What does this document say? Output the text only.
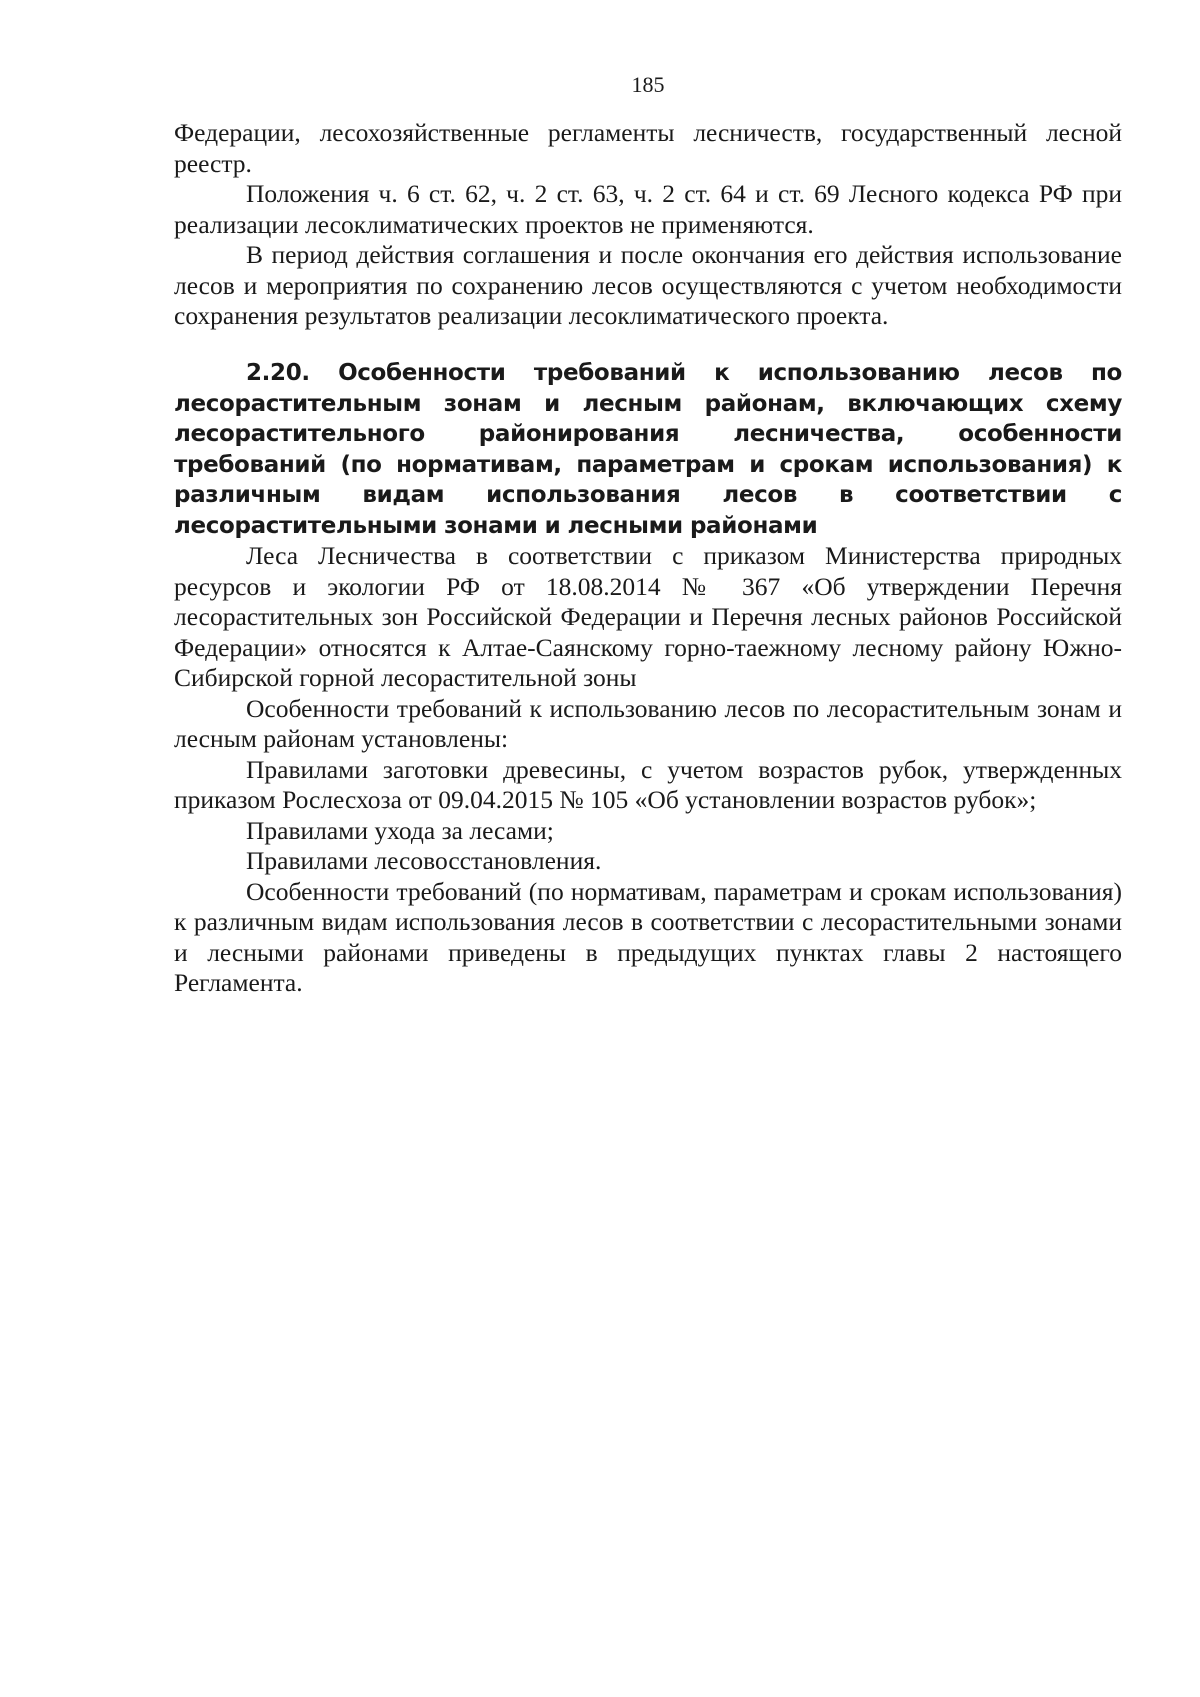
185

Федерации, лесохозяйственные регламенты лесничеств, государственный лесной реестр.

Положения ч. 6 ст. 62, ч. 2 ст. 63, ч. 2 ст. 64 и ст. 69 Лесного кодекса РФ при реализации лесоклиматических проектов не применяются.

В период действия соглашения и после окончания его действия использование лесов и мероприятия по сохранению лесов осуществляются с учетом необходимости сохранения результатов реализации лесоклиматического проекта.

2.20. Особенности требований к использованию лесов по лесорастительным зонам и лесным районам, включающих схему лесорастительного районирования лесничества, особенности требований (по нормативам, параметрам и срокам использования) к различным видам использования лесов в соответствии с лесорастительными зонами и лесными районами

Леса Лесничества в соответствии с приказом Министерства природных ресурсов и экологии РФ от 18.08.2014 № 367 «Об утверждении Перечня лесорастительных зон Российской Федерации и Перечня лесных районов Российской Федерации» относятся к Алтае-Саянскому горно-таежному лесному району Южно-Сибирской горной лесорастительной зоны

Особенности требований к использованию лесов по лесорастительным зонам и лесным районам установлены:

Правилами заготовки древесины, с учетом возрастов рубок, утвержденных приказом Рослесхоза от 09.04.2015 № 105 «Об установлении возрастов рубок»;

Правилами ухода за лесами;

Правилами лесовосстановления.

Особенности требований (по нормативам, параметрам и срокам использования) к различным видам использования лесов в соответствии с лесорастительными зонами и лесными районами приведены в предыдущих пунктах главы 2 настоящего Регламента.
